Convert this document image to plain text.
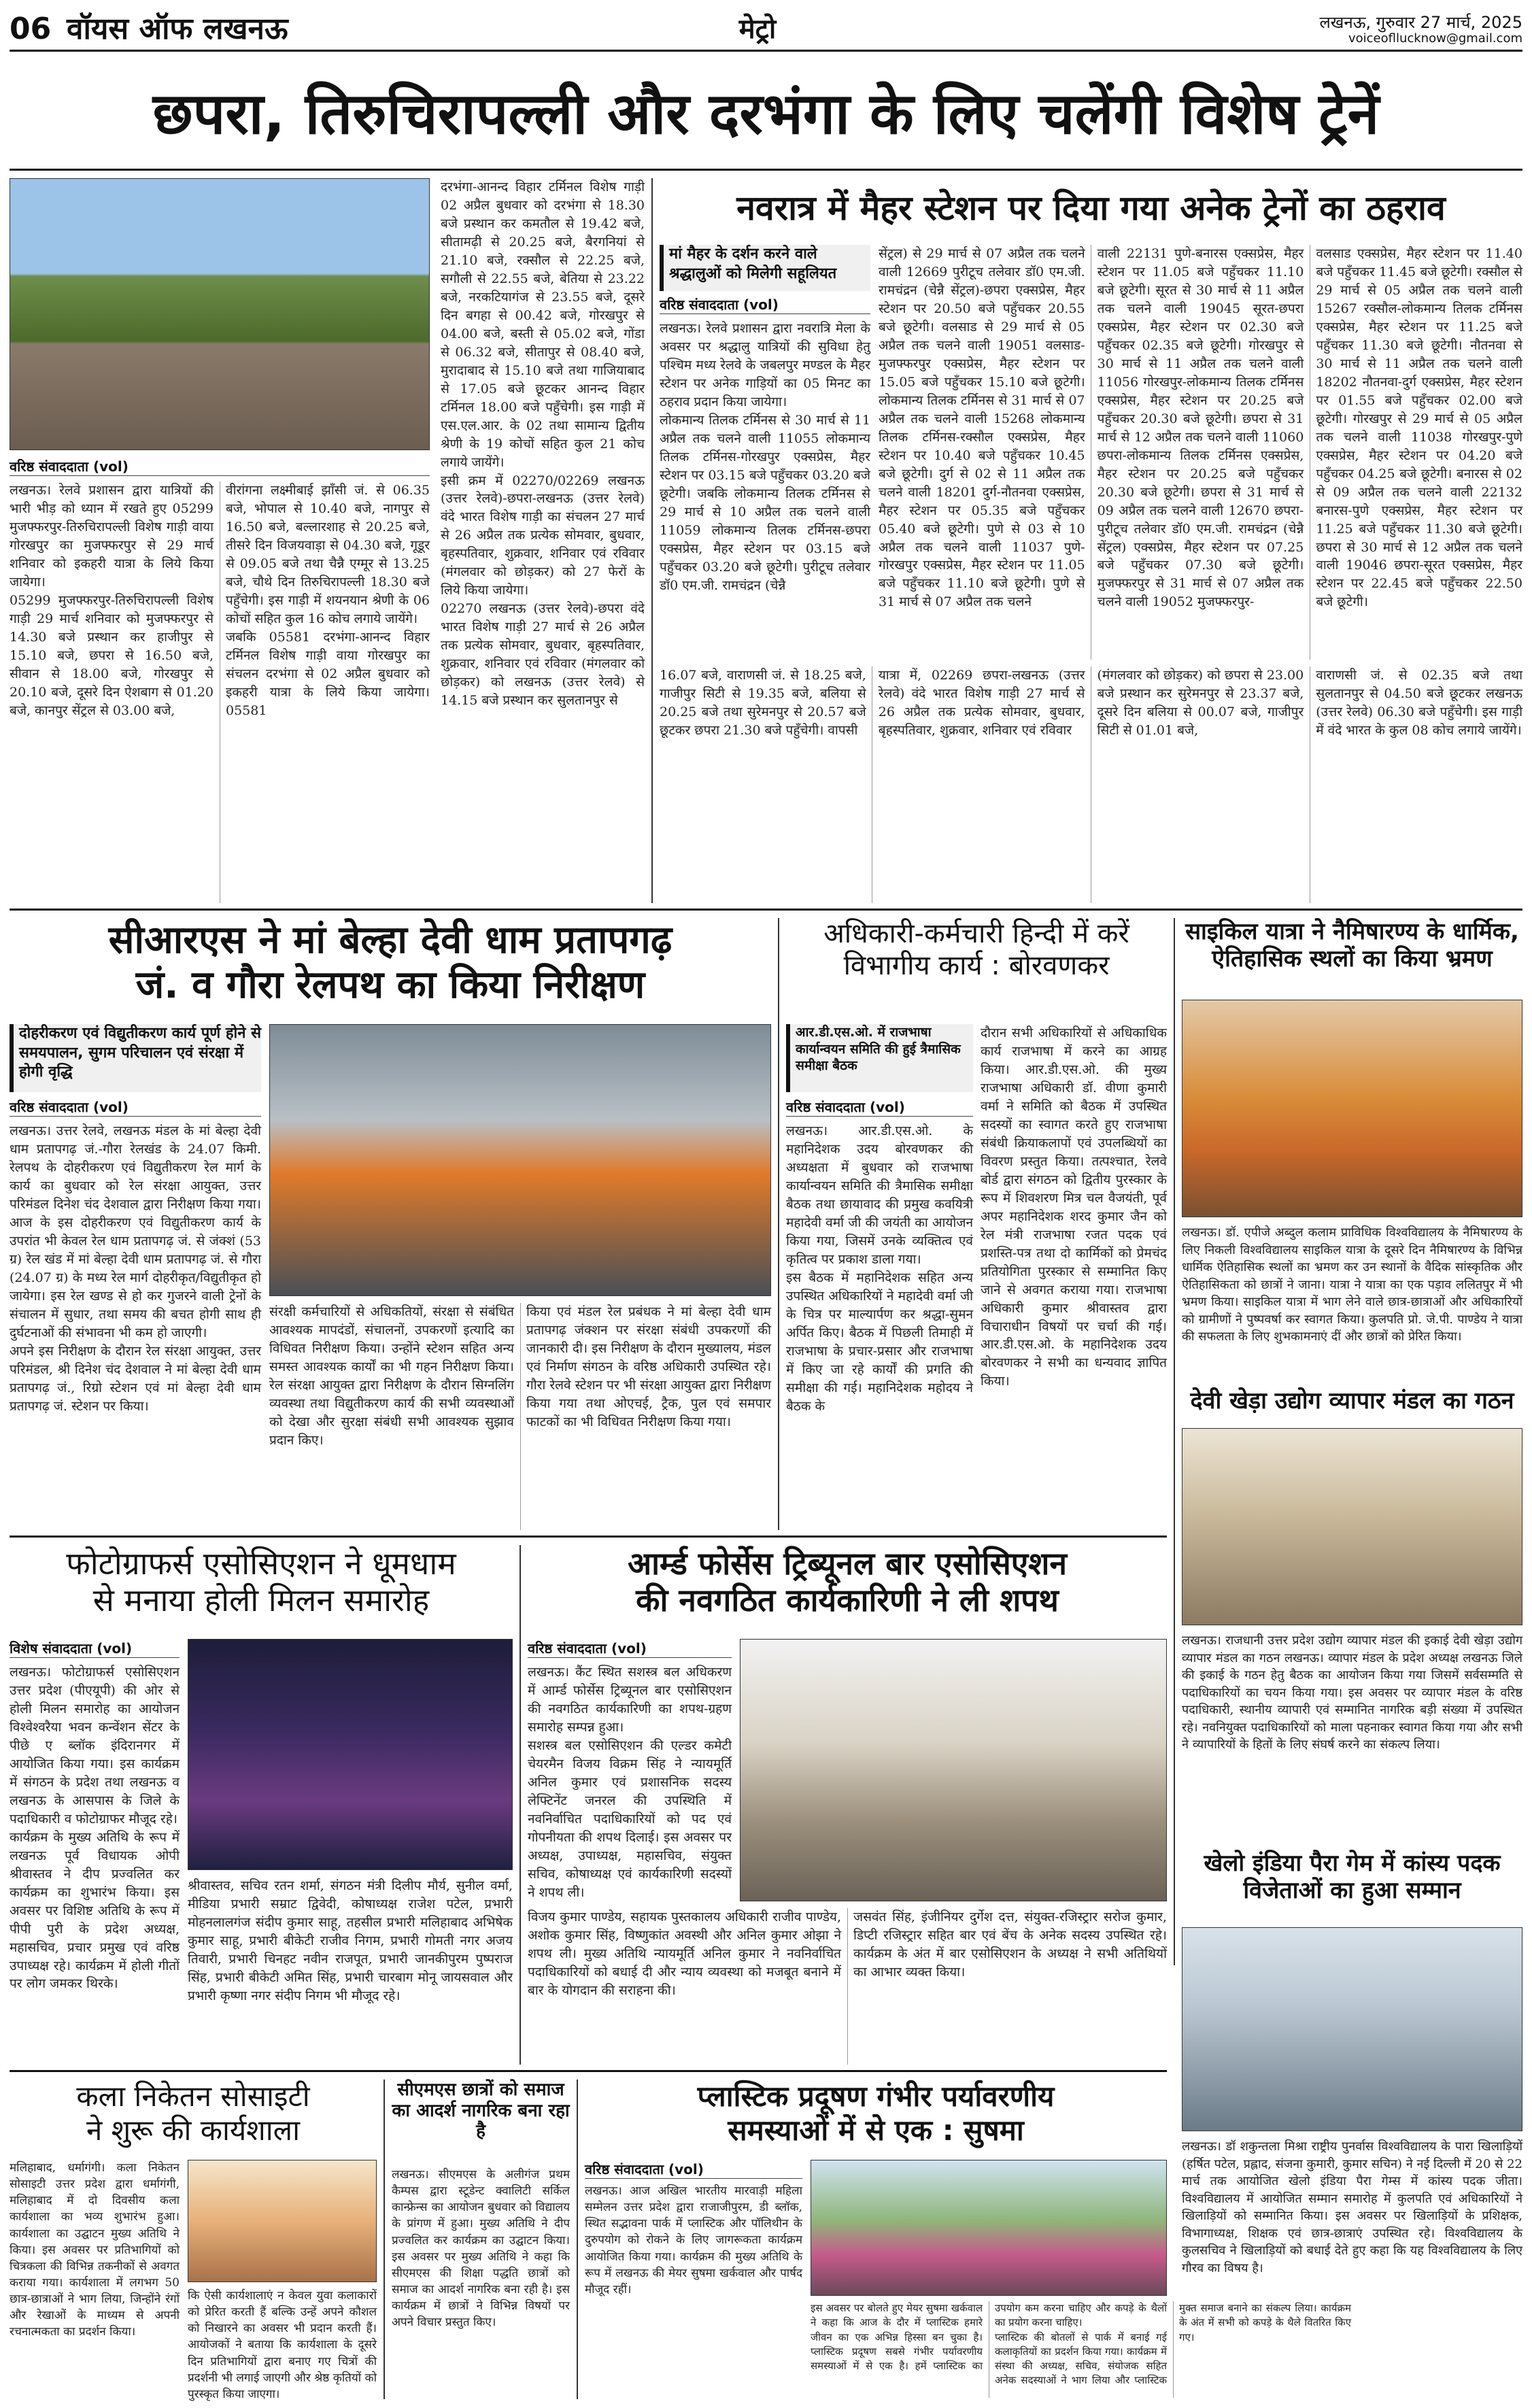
06 वॉयस ऑफ लखनऊ	मेट्रो	लखनऊ, गुरुवार 27 मार्च, 2025
voiceofllucknow@gmail.com
छपरा, तिरुचिरापल्ली और दरभंगा के लिए चलेंगी विशेष ट्रेनें
वरिष्ठ संवाददाता (vol)

लखनऊ। रेलवे प्रशासन द्वारा यात्रियों की भारी भीड़ को ध्यान में रखते हुए 05299 मुजफ्फरपुर-तिरुचिरापल्ली विशेष गाड़ी वाया गोरखपुर का मुजफ्फरपुर से 29 मार्च शनिवार को इकहरी यात्रा के लिये किया जायेगा।

05299 मुजफ्फरपुर-तिरुचिरापल्ली विशेष गाड़ी 29 मार्च शनिवार को मुजफ्फरपुर से 14.30 बजे प्रस्थान कर हाजीपुर से 15.10 बजे, छपरा से 16.50 बजे, सीवान से 18.00 बजे, गोरखपुर से 20.10 बजे, दूसरे दिन ऐशबाग से 01.20 बजे, कानपुर सेंट्रल से 03.00 बजे,

वीरांगना लक्ष्मीबाई झाँसी जं. से 06.35 बजे, भोपाल से 10.40 बजे, नागपुर से 16.50 बजे, बल्लारशाह से 20.25 बजे, तीसरे दिन विजयवाड़ा से 04.30 बजे, गूडूर से 09.05 बजे तथा चैन्नै एग्मूर से 13.25 बजे, चौथे दिन तिरुचिरापल्ली 18.30 बजे पहुँचेगी। इस गाड़ी में शयनयान श्रेणी के 06 कोचों सहित कुल 16 कोच लगाये जायेंगे।

जबकि 05581 दरभंगा-आनन्द विहार टर्मिनल विशेष गाड़ी वाया गोरखपुर का संचलन दरभंगा से 02 अप्रैल बुधवार को इकहरी यात्रा के लिये किया जायेगा। 05581

दरभंगा-आनन्द विहार टर्मिनल विशेष गाड़ी 02 अप्रैल बुधवार को दरभंगा से 18.30 बजे प्रस्थान कर कमतौल से 19.42 बजे, सीतामढ़ी से 20.25 बजे, बैरगनियां से 21.10 बजे, रक्सौल से 22.25 बजे, सगौली से 22.55 बजे, बेतिया से 23.22 बजे, नरकटियागंज से 23.55 बजे, दूसरे दिन बगहा से 00.42 बजे, गोरखपुर से 04.00 बजे, बस्ती से 05.02 बजे, गोंडा से 06.32 बजे, सीतापुर से 08.40 बजे, मुरादाबाद से 15.10 बजे तथा गाजियाबाद से 17.05 बजे छूटकर आनन्द विहार टर्मिनल 18.00 बजे पहुँचेगी। इस गाड़ी में एस.एल.आर. के 02 तथा सामान्य द्वितीय श्रेणी के 19 कोचों सहित कुल 21 कोच लगाये जायेंगे।

इसी क्रम में 02270/02269 लखनऊ (उत्तर रेलवे)-छपरा-लखनऊ (उत्तर रेलवे) वंदे भारत विशेष गाड़ी का संचलन 27 मार्च से 26 अप्रैल तक प्रत्येक सोमवार, बुधवार, बृहस्पतिवार, शुक्रवार, शनिवार एवं रविवार (मंगलवार को छोड़कर) को 27 फेरों के लिये किया जायेगा।

02270 लखनऊ (उत्तर रेलवे)-छपरा वंदे भारत विशेष गाड़ी 27 मार्च से 26 अप्रैल तक प्रत्येक सोमवार, बुधवार, बृहस्पतिवार, शुक्रवार, शनिवार एवं रविवार (मंगलवार को छोड़कर) को लखनऊ (उत्तर रेलवे) से 14.15 बजे प्रस्थान कर सुलतानपुर से

नवरात्र में मैहर स्टेशन पर दिया गया अनेक ट्रेनों का ठहराव
मां मैहर के दर्शन करने वाले श्रद्धालुओं को मिलेगी सहूलियत
वरिष्ठ संवाददाता (vol)

लखनऊ। रेलवे प्रशासन द्वारा नवरात्रि मेला के अवसर पर श्रद्धालु यात्रियों की सुविधा हेतु पश्चिम मध्य रेलवे के जबलपुर मण्डल के मैहर स्टेशन पर अनेक गाड़ियों का 05 मिनट का ठहराव प्रदान किया जायेगा।

लोकमान्य तिलक टर्मिनस से 30 मार्च से 11 अप्रैल तक चलने वाली 11055 लोकमान्य तिलक टर्मिनस-गोरखपुर एक्सप्रेस, मैहर स्टेशन पर 03.15 बजे पहुँचकर 03.20 बजे छूटेगी। जबकि लोकमान्य तिलक टर्मिनस से 29 मार्च से 10 अप्रैल तक चलने वाली 11059 लोकमान्य तिलक टर्मिनस-छपरा एक्सप्रेस, मैहर स्टेशन पर 03.15 बजे पहुँचकर 03.20 बजे छूटेगी। पुरीटूच तलेवार डॉ0 एम.जी. रामचंद्रन (चेन्नै

सेंट्रल) से 29 मार्च से 07 अप्रैल तक चलने वाली 12669 पुरीटूच तलेवार डॉ0 एम.जी. रामचंद्रन (चेन्नै सेंट्रल)-छपरा एक्सप्रेस, मैहर स्टेशन पर 20.50 बजे पहुँचकर 20.55 बजे छूटेगी। वलसाड से 29 मार्च से 05 अप्रैल तक चलने वाली 19051 वलसाड-मुजफ्फरपुर एक्सप्रेस, मैहर स्टेशन पर 15.05 बजे पहुँचकर 15.10 बजे छूटेगी। लोकमान्य तिलक टर्मिनस से 31 मार्च से 07 अप्रैल तक चलने वाली 15268 लोकमान्य तिलक टर्मिनस-रक्सौल एक्सप्रेस, मैहर स्टेशन पर 10.40 बजे पहुँचकर 10.45 बजे छूटेगी। दुर्ग से 02 से 11 अप्रैल तक चलने वाली 18201 दुर्ग-नौतनवा एक्सप्रेस, मैहर स्टेशन पर 05.35 बजे पहुँचकर 05.40 बजे छूटेगी। पुणे से 03 से 10 अप्रैल तक चलने वाली 11037 पुणे-गोरखपुर एक्सप्रेस, मैहर स्टेशन पर 11.05 बजे पहुँचकर 11.10 बजे छूटेगी। पुणे से 31 मार्च से 07 अप्रैल तक चलने

वाली 22131 पुणे-बनारस एक्सप्रेस, मैहर स्टेशन पर 11.05 बजे पहुँचकर 11.10 बजे छूटेगी। सूरत से 30 मार्च से 11 अप्रैल तक चलने वाली 19045 सूरत-छपरा एक्सप्रेस, मैहर स्टेशन पर 02.30 बजे पहुँचकर 02.35 बजे छूटेगी। गोरखपुर से 30 मार्च से 11 अप्रैल तक चलने वाली 11056 गोरखपुर-लोकमान्य तिलक टर्मिनस एक्सप्रेस, मैहर स्टेशन पर 20.25 बजे पहुँचकर 20.30 बजे छूटेगी। छपरा से 31 मार्च से 12 अप्रैल तक चलने वाली 11060 छपरा-लोकमान्य तिलक टर्मिनस एक्सप्रेस, मैहर स्टेशन पर 20.25 बजे पहुँचकर 20.30 बजे छूटेगी। छपरा से 31 मार्च से 09 अप्रैल तक चलने वाली 12670 छपरा-पुरीटूच तलेवार डॉ0 एम.जी. रामचंद्रन (चेन्नै सेंट्रल) एक्सप्रेस, मैहर स्टेशन पर 07.25 बजे पहुँचकर 07.30 बजे छूटेगी। मुजफ्फरपुर से 31 मार्च से 07 अप्रैल तक चलने वाली 19052 मुजफ्फरपुर-

वलसाड एक्सप्रेस, मैहर स्टेशन पर 11.40 बजे पहुँचकर 11.45 बजे छूटेगी। रक्सौल से 29 मार्च से 05 अप्रैल तक चलने वाली 15267 रक्सौल-लोकमान्य तिलक टर्मिनस एक्सप्रेस, मैहर स्टेशन पर 11.25 बजे पहुँचकर 11.30 बजे छूटेगी। नौतनवा से 30 मार्च से 11 अप्रैल तक चलने वाली 18202 नौतनवा-दुर्ग एक्सप्रेस, मैहर स्टेशन पर 01.55 बजे पहुँचकर 02.00 बजे छूटेगी। गोरखपुर से 29 मार्च से 05 अप्रैल तक चलने वाली 11038 गोरखपुर-पुणे एक्सप्रेस, मैहर स्टेशन पर 04.20 बजे पहुँचकर 04.25 बजे छूटेगी। बनारस से 02 से 09 अप्रैल तक चलने वाली 22132 बनारस-पुणे एक्सप्रेस, मैहर स्टेशन पर 11.25 बजे पहुँचकर 11.30 बजे छूटेगी। छपरा से 30 मार्च से 12 अप्रैल तक चलने वाली 19046 छपरा-सूरत एक्सप्रेस, मैहर स्टेशन पर 22.45 बजे पहुँचकर 22.50 बजे छूटेगी।

16.07 बजे, वाराणसी जं. से 18.25 बजे, गाजीपुर सिटी से 19.35 बजे, बलिया से 20.25 बजे तथा सुरेमनपुर से 20.57 बजे छूटकर छपरा 21.30 बजे पहुँचेगी। वापसी

यात्रा में, 02269 छपरा-लखनऊ (उत्तर रेलवे) वंदे भारत विशेष गाड़ी 27 मार्च से 26 अप्रैल तक प्रत्येक सोमवार, बुधवार, बृहस्पतिवार, शुक्रवार, शनिवार एवं रविवार

(मंगलवार को छोड़कर) को छपरा से 23.00 बजे प्रस्थान कर सुरेमनपुर से 23.37 बजे, दूसरे दिन बलिया से 00.07 बजे, गाजीपुर सिटी से 01.01 बजे,

वाराणसी जं. से 02.35 बजे तथा सुलतानपुर से 04.50 बजे छूटकर लखनऊ (उत्तर रेलवे) 06.30 बजे पहुँचेगी। इस गाड़ी में वंदे भारत के कुल 08 कोच लगाये जायेंगे।

सीआरएस ने मां बेल्हा देवी धाम प्रतापगढ़
जं. व गौरा रेलपथ का किया निरीक्षण
दोहरीकरण एवं विद्युतीकरण कार्य पूर्ण होने से समयपालन, सुगम परिचालन एवं संरक्षा में होगी वृद्धि
वरिष्ठ संवाददाता (vol)

लखनऊ। उत्तर रेलवे, लखनऊ मंडल के मां बेल्हा देवी धाम प्रतापगढ़ जं.-गौरा रेलखंड के 24.07 किमी. रेलपथ के दोहरीकरण एवं विद्युतीकरण रेल मार्ग के कार्य का बुधवार को रेल संरक्षा आयुक्त, उत्तर परिमंडल दिनेश चंद देशवाल द्वारा निरीक्षण किया गया। आज के इस दोहरीकरण एवं विद्युतीकरण कार्य के उपरांत भी केवल रेल धाम प्रतापगढ़ जं. से जंक्शं (53 ग्र) रेल खंड में मां बेल्हा देवी धाम प्रतापगढ़ जं. से गौरा (24.07 ग्र) के मध्य रेल मार्ग दोहरीकृत/विद्युतीकृत हो जायेगा। इस रेल खण्ड से हो कर गुजरने वाली ट्रेनों के संचालन में सुधार, तथा समय की बचत होगी साथ ही दुर्घटनाओं की संभावना भी कम हो जाएगी।

अपने इस निरीक्षण के दौरान रेल संरक्षा आयुक्त, उत्तर परिमंडल, श्री दिनेश चंद देशवाल ने मां बेल्हा देवी धाम प्रतापगढ़ जं., रिग्रो स्टेशन एवं मां बेल्हा देवी धाम प्रतापगढ़ जं. स्टेशन पर किया।

संरक्षी कर्मचारियों से अधिकतियों, संरक्षा से संबंधित आवश्यक मापदंडों, संचालनों, उपकरणों इत्यादि का विधिवत निरीक्षण किया। उन्होंने स्टेशन सहित अन्य समस्त आवश्यक कार्यों का भी गहन निरीक्षण किया। रेल संरक्षा आयुक्त द्वारा निरीक्षण के दौरान सिग्नलिंग व्यवस्था तथा विद्युतीकरण कार्य की सभी व्यवस्थाओं को देखा और सुरक्षा संबंधी सभी आवश्यक सुझाव प्रदान किए।

किया एवं मंडल रेल प्रबंधक ने मां बेल्हा देवी धाम प्रतापगढ़ जंक्शन पर संरक्षा संबंधी उपकरणों की जानकारी दी। इस निरीक्षण के दौरान मुख्यालय, मंडल एवं निर्माण संगठन के वरिष्ठ अधिकारी उपस्थित रहे। गौरा रेलवे स्टेशन पर भी संरक्षा आयुक्त द्वारा निरीक्षण किया गया तथा ओएचई, ट्रैक, पुल एवं समपार फाटकों का भी विधिवत निरीक्षण किया गया।

अधिकारी-कर्मचारी हिन्दी में करें
विभागीय कार्य : बोरवणकर
आर.डी.एस.ओ. में राजभाषा कार्यान्वयन समिति की हुई त्रैमासिक समीक्षा बैठक
वरिष्ठ संवाददाता (vol)

लखनऊ। आर.डी.एस.ओ. के महानिदेशक उदय बोरवणकर की अध्यक्षता में बुधवार को राजभाषा कार्यान्वयन समिति की त्रैमासिक समीक्षा बैठक तथा छायावाद की प्रमुख कवयित्री महादेवी वर्मा जी की जयंती का आयोजन किया गया, जिसमें उनके व्यक्तित्व एवं कृतित्व पर प्रकाश डाला गया।

इस बैठक में महानिदेशक सहित अन्य उपस्थित अधिकारियों ने महादेवी वर्मा जी के चित्र पर माल्यार्पण कर श्रद्धा-सुमन अर्पित किए। बैठक में पिछली तिमाही में राजभाषा के प्रचार-प्रसार और राजभाषा में किए जा रहे कार्यों की प्रगति की समीक्षा की गई। महानिदेशक महोदय ने बैठक के

दौरान सभी अधिकारियों से अधिकाधिक कार्य राजभाषा में करने का आग्रह किया। आर.डी.एस.ओ. की मुख्य राजभाषा अधिकारी डॉ. वीणा कुमारी वर्मा ने समिति को बैठक में उपस्थित सदस्यों का स्वागत करते हुए राजभाषा संबंधी क्रियाकलापों एवं उपलब्धियों का विवरण प्रस्तुत किया। तत्पश्चात, रेलवे बोर्ड द्वारा संगठन को द्वितीय पुरस्कार के रूप में शिवशरण मित्र चल वैजयंती, पूर्व अपर महानिदेशक शरद कुमार जैन को रेल मंत्री राजभाषा रजत पदक एवं प्रशस्ति-पत्र तथा दो कार्मिकों को प्रेमचंद प्रतियोगिता पुरस्कार से सम्मानित किए जाने से अवगत कराया गया। राजभाषा अधिकारी कुमार श्रीवास्तव द्वारा विचाराधीन विषयों पर चर्चा की गई। आर.डी.एस.ओ. के महानिदेशक उदय बोरवणकर ने सभी का धन्यवाद ज्ञापित किया।

साइकिल यात्रा ने नैमिषारण्य के धार्मिक, ऐतिहासिक स्थलों का किया भ्रमण

लखनऊ। डॉ. एपीजे अब्दुल कलाम प्राविधिक विश्वविद्यालय के नैमिषारण्य के लिए निकली विश्वविद्यालय साइकिल यात्रा के दूसरे दिन नैमिषारण्य के विभिन्न धार्मिक ऐतिहासिक स्थलों का भ्रमण कर उन स्थानों के वैदिक सांस्कृतिक और ऐतिहासिकता को छात्रों ने जाना। यात्रा ने यात्रा का एक पड़ाव ललितपुर में भी भ्रमण किया। साइकिल यात्रा में भाग लेने वाले छात्र-छात्राओं और अधिकारियों को ग्रामीणों ने पुष्पवर्षा कर स्वागत किया। कुलपति प्रो. जे.पी. पाण्डेय ने यात्रा की सफलता के लिए शुभकामनाएं दीं और छात्रों को प्रेरित किया।

देवी खेड़ा उद्योग व्यापार मंडल का गठन

लखनऊ। राजधानी उत्तर प्रदेश उद्योग व्यापार मंडल की इकाई देवी खेड़ा उद्योग व्यापार मंडल का गठन लखनऊ। व्यापार मंडल के प्रदेश अध्यक्ष लखनऊ जिले की इकाई के गठन हेतु बैठक का आयोजन किया गया जिसमें सर्वसम्मति से पदाधिकारियों का चयन किया गया। इस अवसर पर व्यापार मंडल के वरिष्ठ पदाधिकारी, स्थानीय व्यापारी एवं सम्मानित नागरिक बड़ी संख्या में उपस्थित रहे। नवनियुक्त पदाधिकारियों को माला पहनाकर स्वागत किया गया और सभी ने व्यापारियों के हितों के लिए संघर्ष करने का संकल्प लिया।

खेलो इंडिया पैरा गेम में कांस्य पदक
विजेताओं का हुआ सम्मान

लखनऊ। डॉ शकुन्तला मिश्रा राष्ट्रीय पुनर्वास विश्वविद्यालय के पारा खिलाड़ियों (हर्षित पटेल, प्रह्लाद, संजना कुमारी, कुमार सचिन) ने नई दिल्ली में 20 से 22 मार्च तक आयोजित खेलो इंडिया पैरा गेम्स में कांस्य पदक जीता। विश्वविद्यालय में आयोजित सम्मान समारोह में कुलपति एवं अधिकारियों ने खिलाड़ियों को सम्मानित किया। इस अवसर पर खिलाड़ियों के प्रशिक्षक, विभागाध्यक्ष, शिक्षक एवं छात्र-छात्राएं उपस्थित रहे। विश्वविद्यालय के कुलसचिव ने खिलाड़ियों को बधाई देते हुए कहा कि यह विश्वविद्यालय के लिए गौरव का विषय है।

फोटोग्राफर्स एसोसिएशन ने धूमधाम
से मनाया होली मिलन समारोह
विशेष संवाददाता (vol)

लखनऊ। फोटोग्राफर्स एसोसिएशन उत्तर प्रदेश (पीएयूपी) की ओर से होली मिलन समारोह का आयोजन विश्वेश्वरैया भवन कन्वेंशन सेंटर के पीछे ए ब्लॉक इंदिरानगर में आयोजित किया गया। इस कार्यक्रम में संगठन के प्रदेश तथा लखनऊ व लखनऊ के आसपास के जिले के पदाधिकारी व फोटोग्राफर मौजूद रहे।

कार्यक्रम के मुख्य अतिथि के रूप में लखनऊ पूर्व विधायक ओपी श्रीवास्तव ने दीप प्रज्वलित कर कार्यक्रम का शुभारंभ किया। इस अवसर पर विशिष्ट अतिथि के रूप में पीपी पुरी के प्रदेश अध्यक्ष, महासचिव, प्रचार प्रमुख एवं वरिष्ठ उपाध्यक्ष रहे। कार्यक्रम में होली गीतों पर लोग जमकर थिरके।

श्रीवास्तव, सचिव रतन शर्मा, संगठन मंत्री दिलीप मौर्य, सुनील वर्मा, मीडिया प्रभारी सम्राट द्विवेदी, कोषाध्यक्ष राजेश पटेल, प्रभारी मोहनलालगंज संदीप कुमार साहू, तहसील प्रभारी मलिहाबाद अभिषेक कुमार साहू, प्रभारी बीकेटी राजीव निगम, प्रभारी गोमती नगर अजय तिवारी, प्रभारी चिनहट नवीन राजपूत, प्रभारी जानकीपुरम पुष्पराज सिंह, प्रभारी बीकेटी अमित सिंह, प्रभारी चारबाग मोनू जायसवाल और प्रभारी कृष्णा नगर संदीप निगम भी मौजूद रहे।

आर्म्ड फोर्सेस ट्रिब्यूनल बार एसोसिएशन
की नवगठित कार्यकारिणी ने ली शपथ
वरिष्ठ संवाददाता (vol)

लखनऊ। कैंट स्थित सशस्त्र बल अधिकरण में आर्म्ड फोर्सेस ट्रिब्यूनल बार एसोसिएशन की नवगठित कार्यकारिणी का शपथ-ग्रहण समारोह सम्पन्न हुआ।

सशस्त्र बल एसोसिएशन की एल्डर कमेटी चेयरमैन विजय विक्रम सिंह ने न्यायमूर्ति अनिल कुमार एवं प्रशासनिक सदस्य लेफ्टिनेंट जनरल की उपस्थिति में नवनिर्वाचित पदाधिकारियों को पद एवं गोपनीयता की शपथ दिलाई। इस अवसर पर अध्यक्ष, उपाध्यक्ष, महासचिव, संयुक्त सचिव, कोषाध्यक्ष एवं कार्यकारिणी सदस्यों ने शपथ ली।

विजय कुमार पाण्डेय, सहायक पुस्तकालय अधिकारी राजीव पाण्डेय, अशोक कुमार सिंह, विष्णुकांत अवस्थी और अनिल कुमार ओझा ने शपथ ली। मुख्य अतिथि न्यायमूर्ति अनिल कुमार ने नवनिर्वाचित पदाधिकारियों को बधाई दी और न्याय व्यवस्था को मजबूत बनाने में बार के योगदान की सराहना की।

जसवंत सिंह, इंजीनियर दुर्गेश दत्त, संयुक्त-रजिस्ट्रार सरोज कुमार, डिप्टी रजिस्ट्रार सहित बार एवं बेंच के अनेक सदस्य उपस्थित रहे। कार्यक्रम के अंत में बार एसोसिएशन के अध्यक्ष ने सभी अतिथियों का आभार व्यक्त किया।

कला निकेतन सोसाइटी
ने शुरू की कार्यशाला

मलिहाबाद, धर्मागंगी। कला निकेतन सोसाइटी उत्तर प्रदेश द्वारा धर्मागंगी, मलिहाबाद में दो दिवसीय कला कार्यशाला का भव्य शुभारंभ हुआ। कार्यशाला का उद्घाटन मुख्य अतिथि ने किया। इस अवसर पर प्रतिभागियों को चित्रकला की विभिन्न तकनीकों से अवगत कराया गया। कार्यशाला में लगभग 50 छात्र-छात्राओं ने भाग लिया, जिन्होंने रंगों और रेखाओं के माध्यम से अपनी रचनात्मकता का प्रदर्शन किया।

कि ऐसी कार्यशालाएं न केवल युवा कलाकारों को प्रेरित करती हैं बल्कि उन्हें अपने कौशल को निखारने का अवसर भी प्रदान करती हैं। आयोजकों ने बताया कि कार्यशाला के दूसरे दिन प्रतिभागियों द्वारा बनाए गए चित्रों की प्रदर्शनी भी लगाई जाएगी और श्रेष्ठ कृतियों को पुरस्कृत किया जाएगा।

सीएमएस छात्रों को समाज का आदर्श नागरिक बना रहा है

लखनऊ। सीएमएस के अलीगंज प्रथम कैम्पस द्वारा स्टूडेन्ट क्वालिटी सर्किल कान्फ्रेन्स का आयोजन बुधवार को विद्यालय के प्रांगण में हुआ। मुख्य अतिथि ने दीप प्रज्वलित कर कार्यक्रम का उद्घाटन किया। इस अवसर पर मुख्य अतिथि ने कहा कि सीएमएस की शिक्षा पद्धति छात्रों को समाज का आदर्श नागरिक बना रही है। इस कार्यक्रम में छात्रों ने विभिन्न विषयों पर अपने विचार प्रस्तुत किए।

प्लास्टिक प्रदूषण गंभीर पर्यावरणीय
समस्याओं में से एक : सुषमा
वरिष्ठ संवाददाता (vol)

लखनऊ। आज अखिल भारतीय मारवाड़ी महिला सम्मेलन उत्तर प्रदेश द्वारा राजाजीपुरम, डी ब्लॉक, स्थित सद्भावना पार्क में प्लास्टिक और पॉलिथीन के दुरुपयोग को रोकने के लिए जागरूकता कार्यक्रम आयोजित किया गया। कार्यक्रम की मुख्य अतिथि के रूप में लखनऊ की मेयर सुषमा खर्कवाल और पार्षद मौजूद रहीं।

इस अवसर पर बोलते हुए मेयर सुषमा खर्कवाल ने कहा कि आज के दौर में प्लास्टिक हमारे जीवन का एक अभिन्न हिस्सा बन चुका है। प्लास्टिक प्रदूषण सबसे गंभीर पर्यावरणीय समस्याओं में से एक है। हमें प्लास्टिक का उपयोग कम करना चाहिए और कपड़े के थैलों का प्रयोग करना चाहिए।

प्लास्टिक की बोतलों से पार्क में बनाई गई कलाकृतियों का प्रदर्शन किया गया। कार्यक्रम में संस्था की अध्यक्ष, सचिव, संयोजक सहित अनेक सदस्याओं ने भाग लिया और प्लास्टिक मुक्त समाज बनाने का संकल्प लिया। कार्यक्रम के अंत में सभी को कपड़े के थैले वितरित किए गए।
